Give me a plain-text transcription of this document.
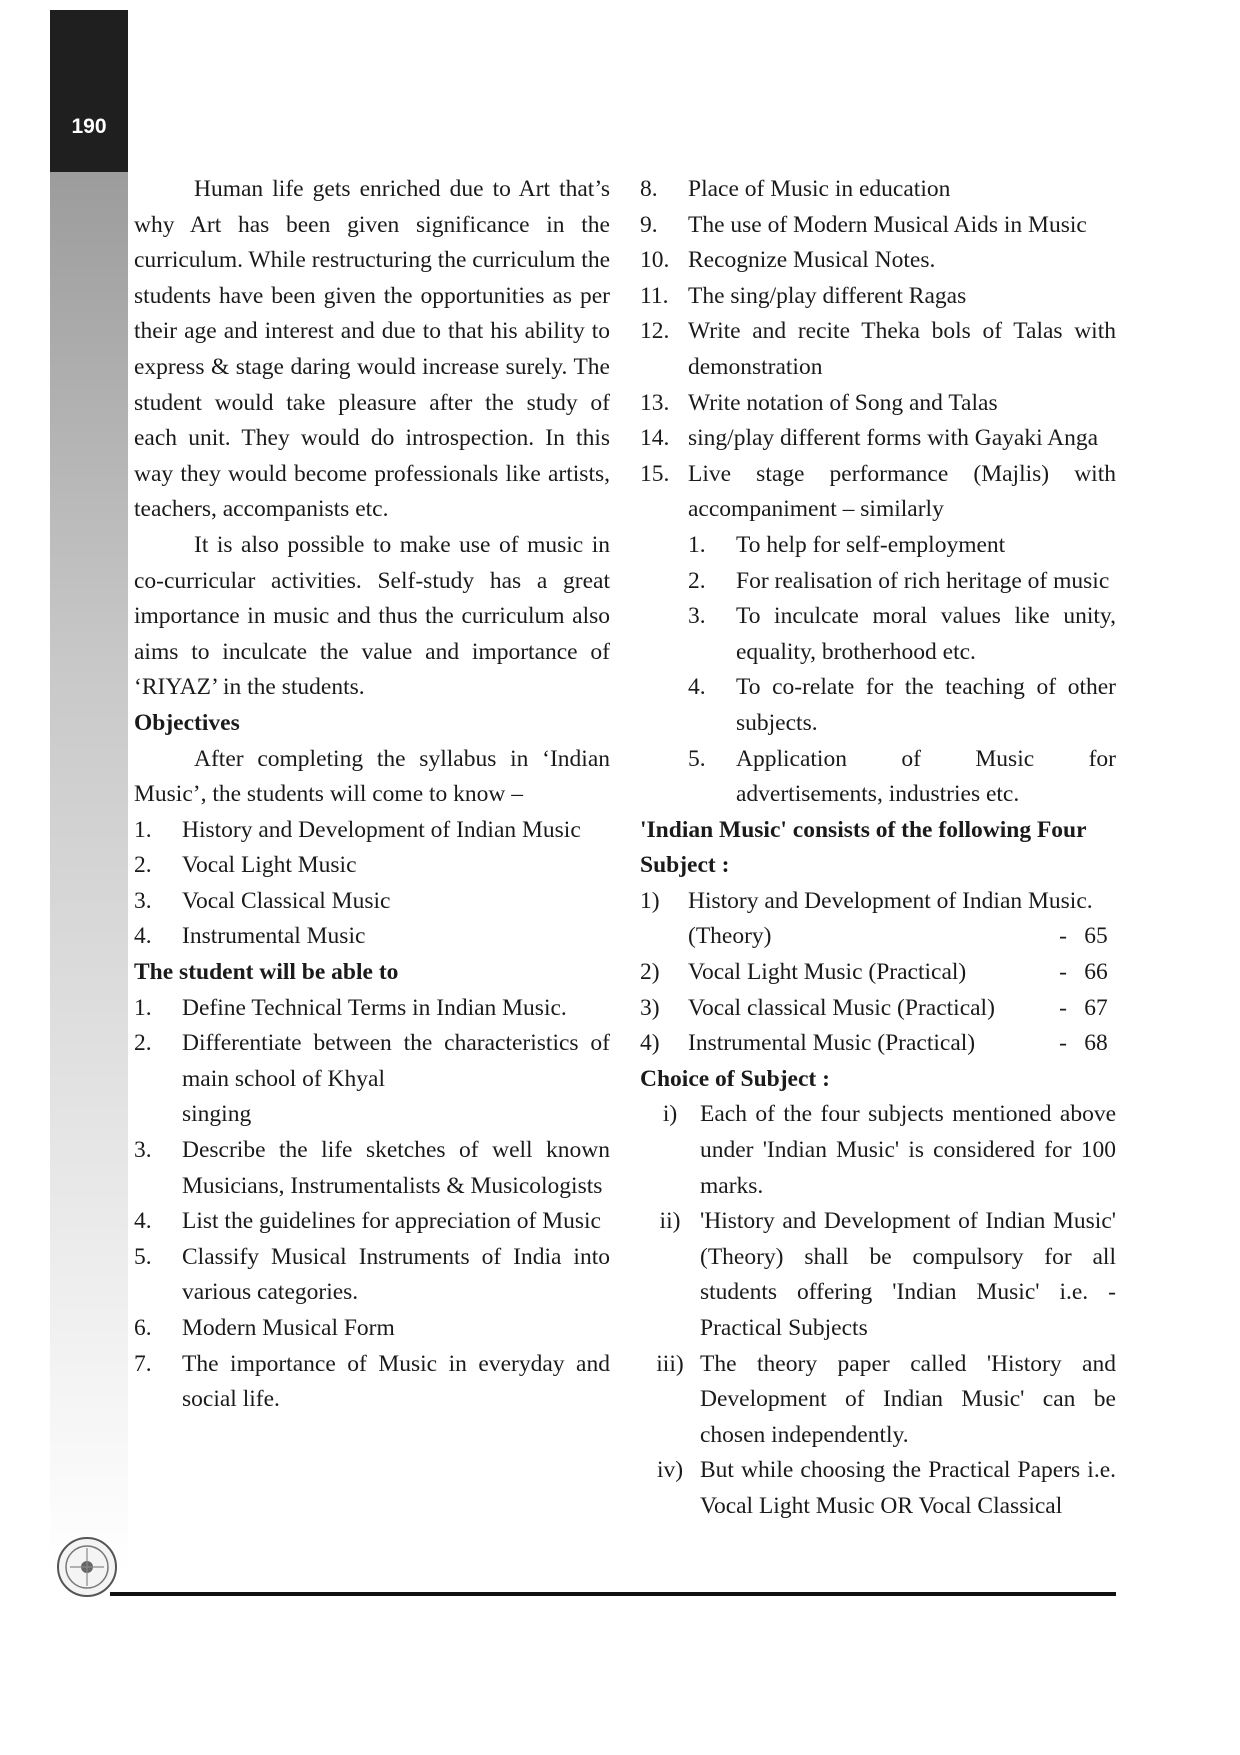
190
Human life gets enriched due to Art that’s why Art has been given significance in the curriculum. While restructuring the curriculum the students have been given the opportunities as per their age and interest and due to that his ability to express & stage daring would increase surely. The student would take pleasure after the study of each unit. They would do introspection. In this way they would become professionals like artists, teachers, accompanists etc.
It is also possible to make use of music in co-curricular activities. Self-study has a great importance in music and thus the curriculum also aims to inculcate the value and importance of ‘RIYAZ’ in the students.
Objectives
After completing the syllabus in ‘Indian Music’, the students will come to know –
1.	History and Development of Indian Music
2.	Vocal Light Music
3.	Vocal Classical Music
4.	Instrumental Music
The student will be able to
1.	Define Technical Terms in Indian Music.
2.	Differentiate between the characteristics of main school of Khyal
singing
3.	Describe the life sketches of well known Musicians, Instrumentalists & Musicologists
4.	List the guidelines for appreciation of Music
5.	Classify Musical Instruments of India into various categories.
6.	Modern Musical Form
7.	The importance of Music in everyday and social life.
8.	Place of Music in education
9.	The use of Modern Musical Aids in Music
10. Recognize Musical Notes.
11. The sing/play different Ragas
12. Write and recite Theka bols of Talas with demonstration
13. Write notation of Song and Talas
14. sing/play different forms with Gayaki Anga
15. Live stage performance (Majlis) with accompaniment – similarly
1.	To help for self-employment
2.	For realisation of rich heritage of music
3.	To inculcate moral values like unity, equality, brotherhood etc.
4.	To co-relate for the teaching of other subjects.
5.	Application of Music for advertisements, industries etc.
'Indian Music' consists of the following Four Subject :
1)	History and Development of Indian Music.
(Theory)	- 65
2)	Vocal Light Music (Practical)	- 66
3)	Vocal classical Music (Practical)	- 67
4)	Instrumental Music (Practical)	- 68
Choice of Subject :
i) Each of the four subjects mentioned above under 'Indian Music' is considered for 100 marks.
ii) 'History and Development of Indian Music' (Theory) shall be compulsory for all students offering 'Indian Music' i.e. - Practical Subjects
iii) The theory paper called 'History and Development of Indian Music' can be chosen independently.
iv) But while choosing the Practical Papers i.e. Vocal Light Music OR Vocal Classical
